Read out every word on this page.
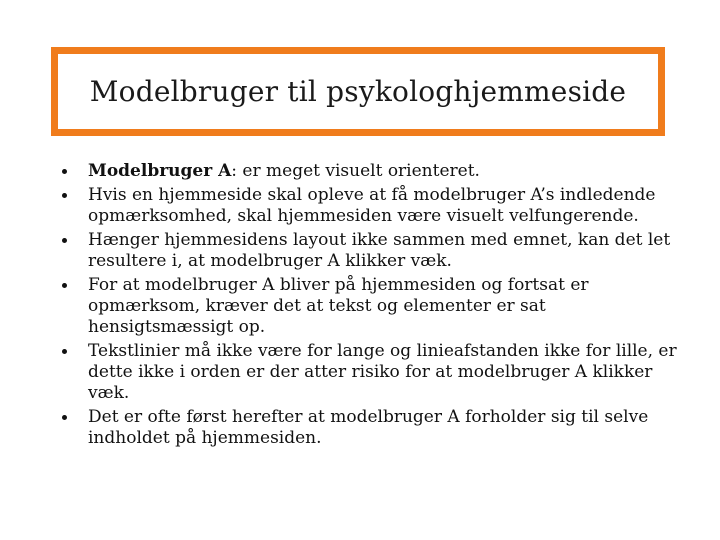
Modelbruger til psykologhjemmeside
Modelbruger A: er meget visuelt orienteret.
Hvis en hjemmeside skal opleve at få modelbruger A’s indledende opmærksomhed, skal hjemmesiden være visuelt velfungerende.
Hænger hjemmesidens layout ikke sammen med emnet, kan det let resultere i, at modelbruger A klikker væk.
For at modelbruger A bliver på hjemmesiden og fortsat er opmærksom, kræver det at tekst og elementer er sat hensigtsmæssigt op.
Tekstlinier må ikke være for lange og linieafstanden ikke for lille, er dette ikke i orden er der atter risiko for at modelbruger A klikker væk.
Det er ofte først herefter at modelbruger A forholder sig til selve indholdet på hjemmesiden.
